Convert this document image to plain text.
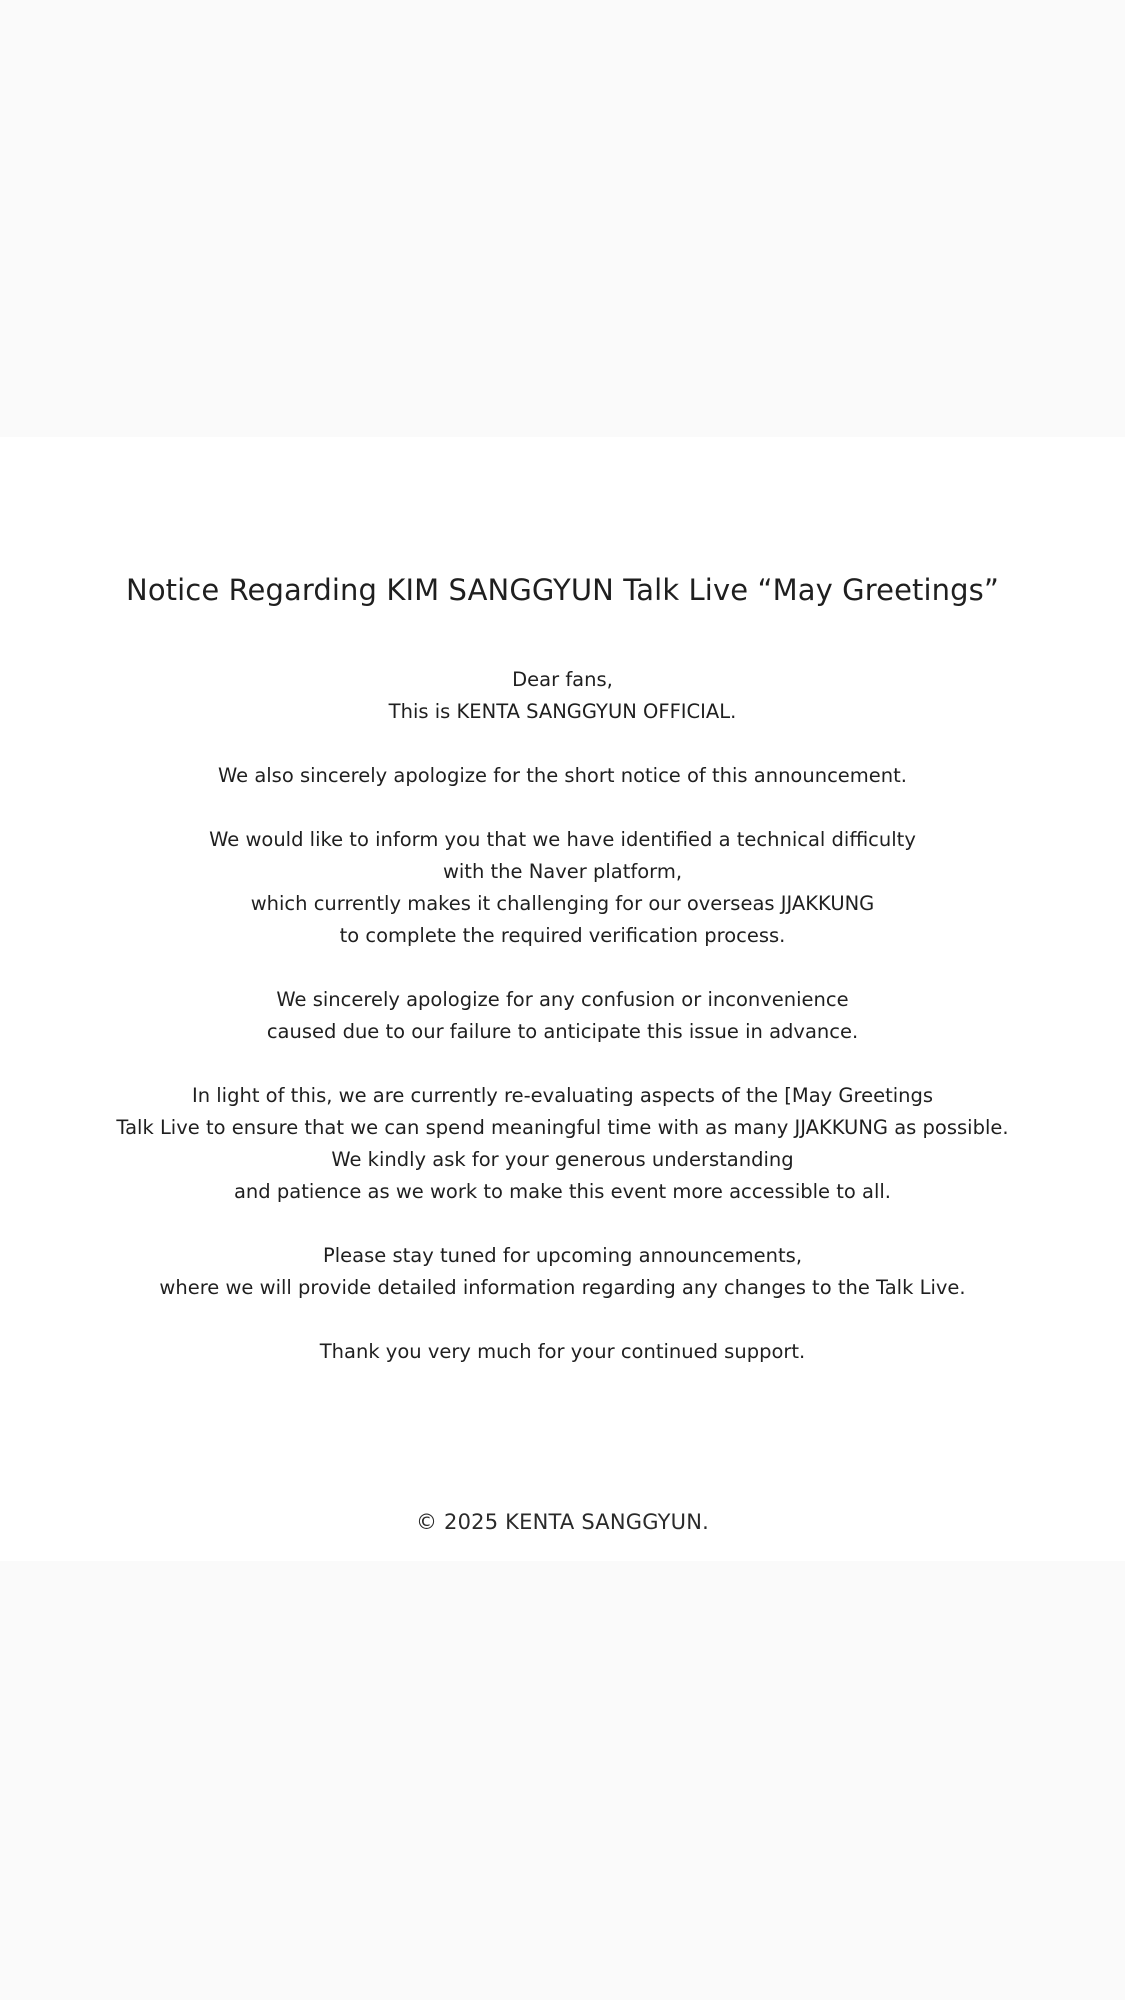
Notice Regarding KIM SANGGYUN Talk Live “May Greetings”

Dear fans,
This is KENTA SANGGYUN OFFICIAL.

We also sincerely apologize for the short notice of this announcement.

We would like to inform you that we have identified a technical difficulty
with the Naver platform,
which currently makes it challenging for our overseas JJAKKUNG
to complete the required verification process.

We sincerely apologize for any confusion or inconvenience
caused due to our failure to anticipate this issue in advance.

In light of this, we are currently re-evaluating aspects of the [May Greetings
Talk Live to ensure that we can spend meaningful time with as many JJAKKUNG as possible.
We kindly ask for your generous understanding
and patience as we work to make this event more accessible to all.

Please stay tuned for upcoming announcements,
where we will provide detailed information regarding any changes to the Talk Live.

Thank you very much for your continued support.

© 2025 KENTA SANGGYUN.
